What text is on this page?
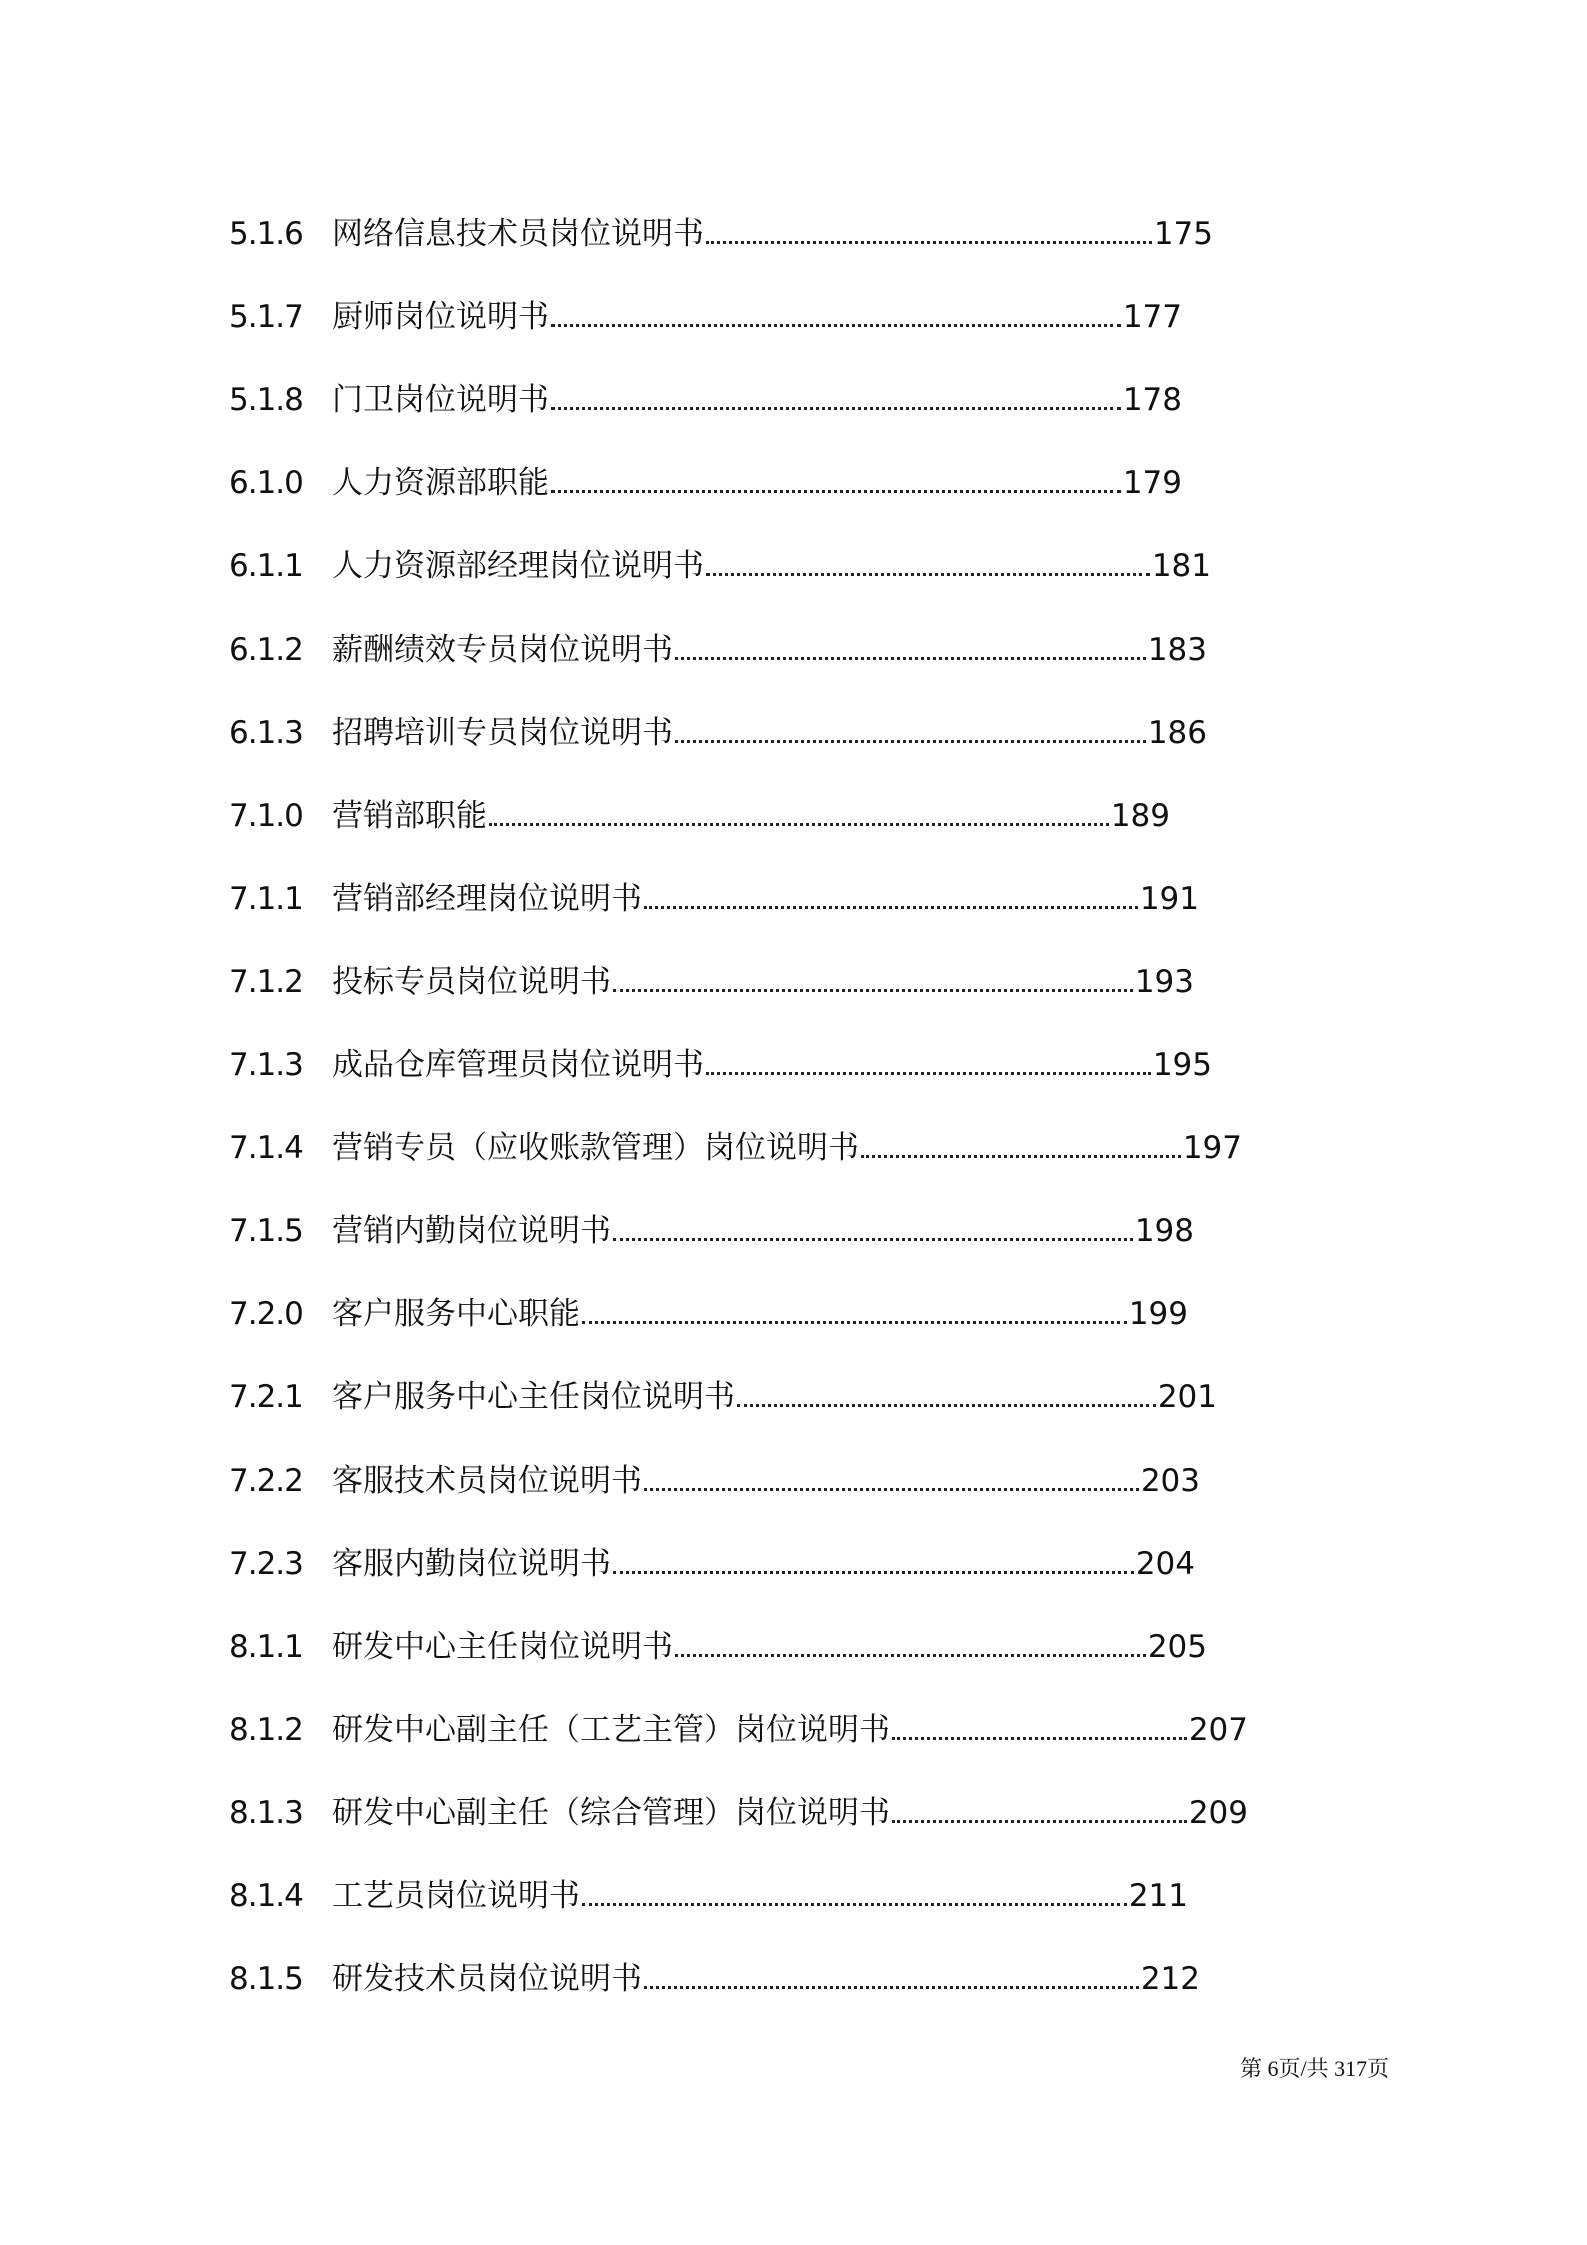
5.1.6 网络信息技术员岗位说明书	175
5.1.7 厨师岗位说明书	177
5.1.8 门卫岗位说明书	178
6.1.0 人力资源部职能	179
6.1.1 人力资源部经理岗位说明书	181
6.1.2 薪酬绩效专员岗位说明书	183
6.1.3 招聘培训专员岗位说明书	186
7.1.0 营销部职能	189
7.1.1 营销部经理岗位说明书	191
7.1.2 投标专员岗位说明书	193
7.1.3 成品仓库管理员岗位说明书	195
7.1.4 营销专员（应收账款管理）岗位说明书	197
7.1.5 营销内勤岗位说明书	198
7.2.0 客户服务中心职能	199
7.2.1 客户服务中心主任岗位说明书	201
7.2.2 客服技术员岗位说明书	203
7.2.3 客服内勤岗位说明书	204
8.1.1 研发中心主任岗位说明书	205
8.1.2 研发中心副主任（工艺主管）岗位说明书	207
8.1.3 研发中心副主任（综合管理）岗位说明书	209
8.1.4 工艺员岗位说明书	211
8.1.5 研发技术员岗位说明书	212
第 6页/共 317页
